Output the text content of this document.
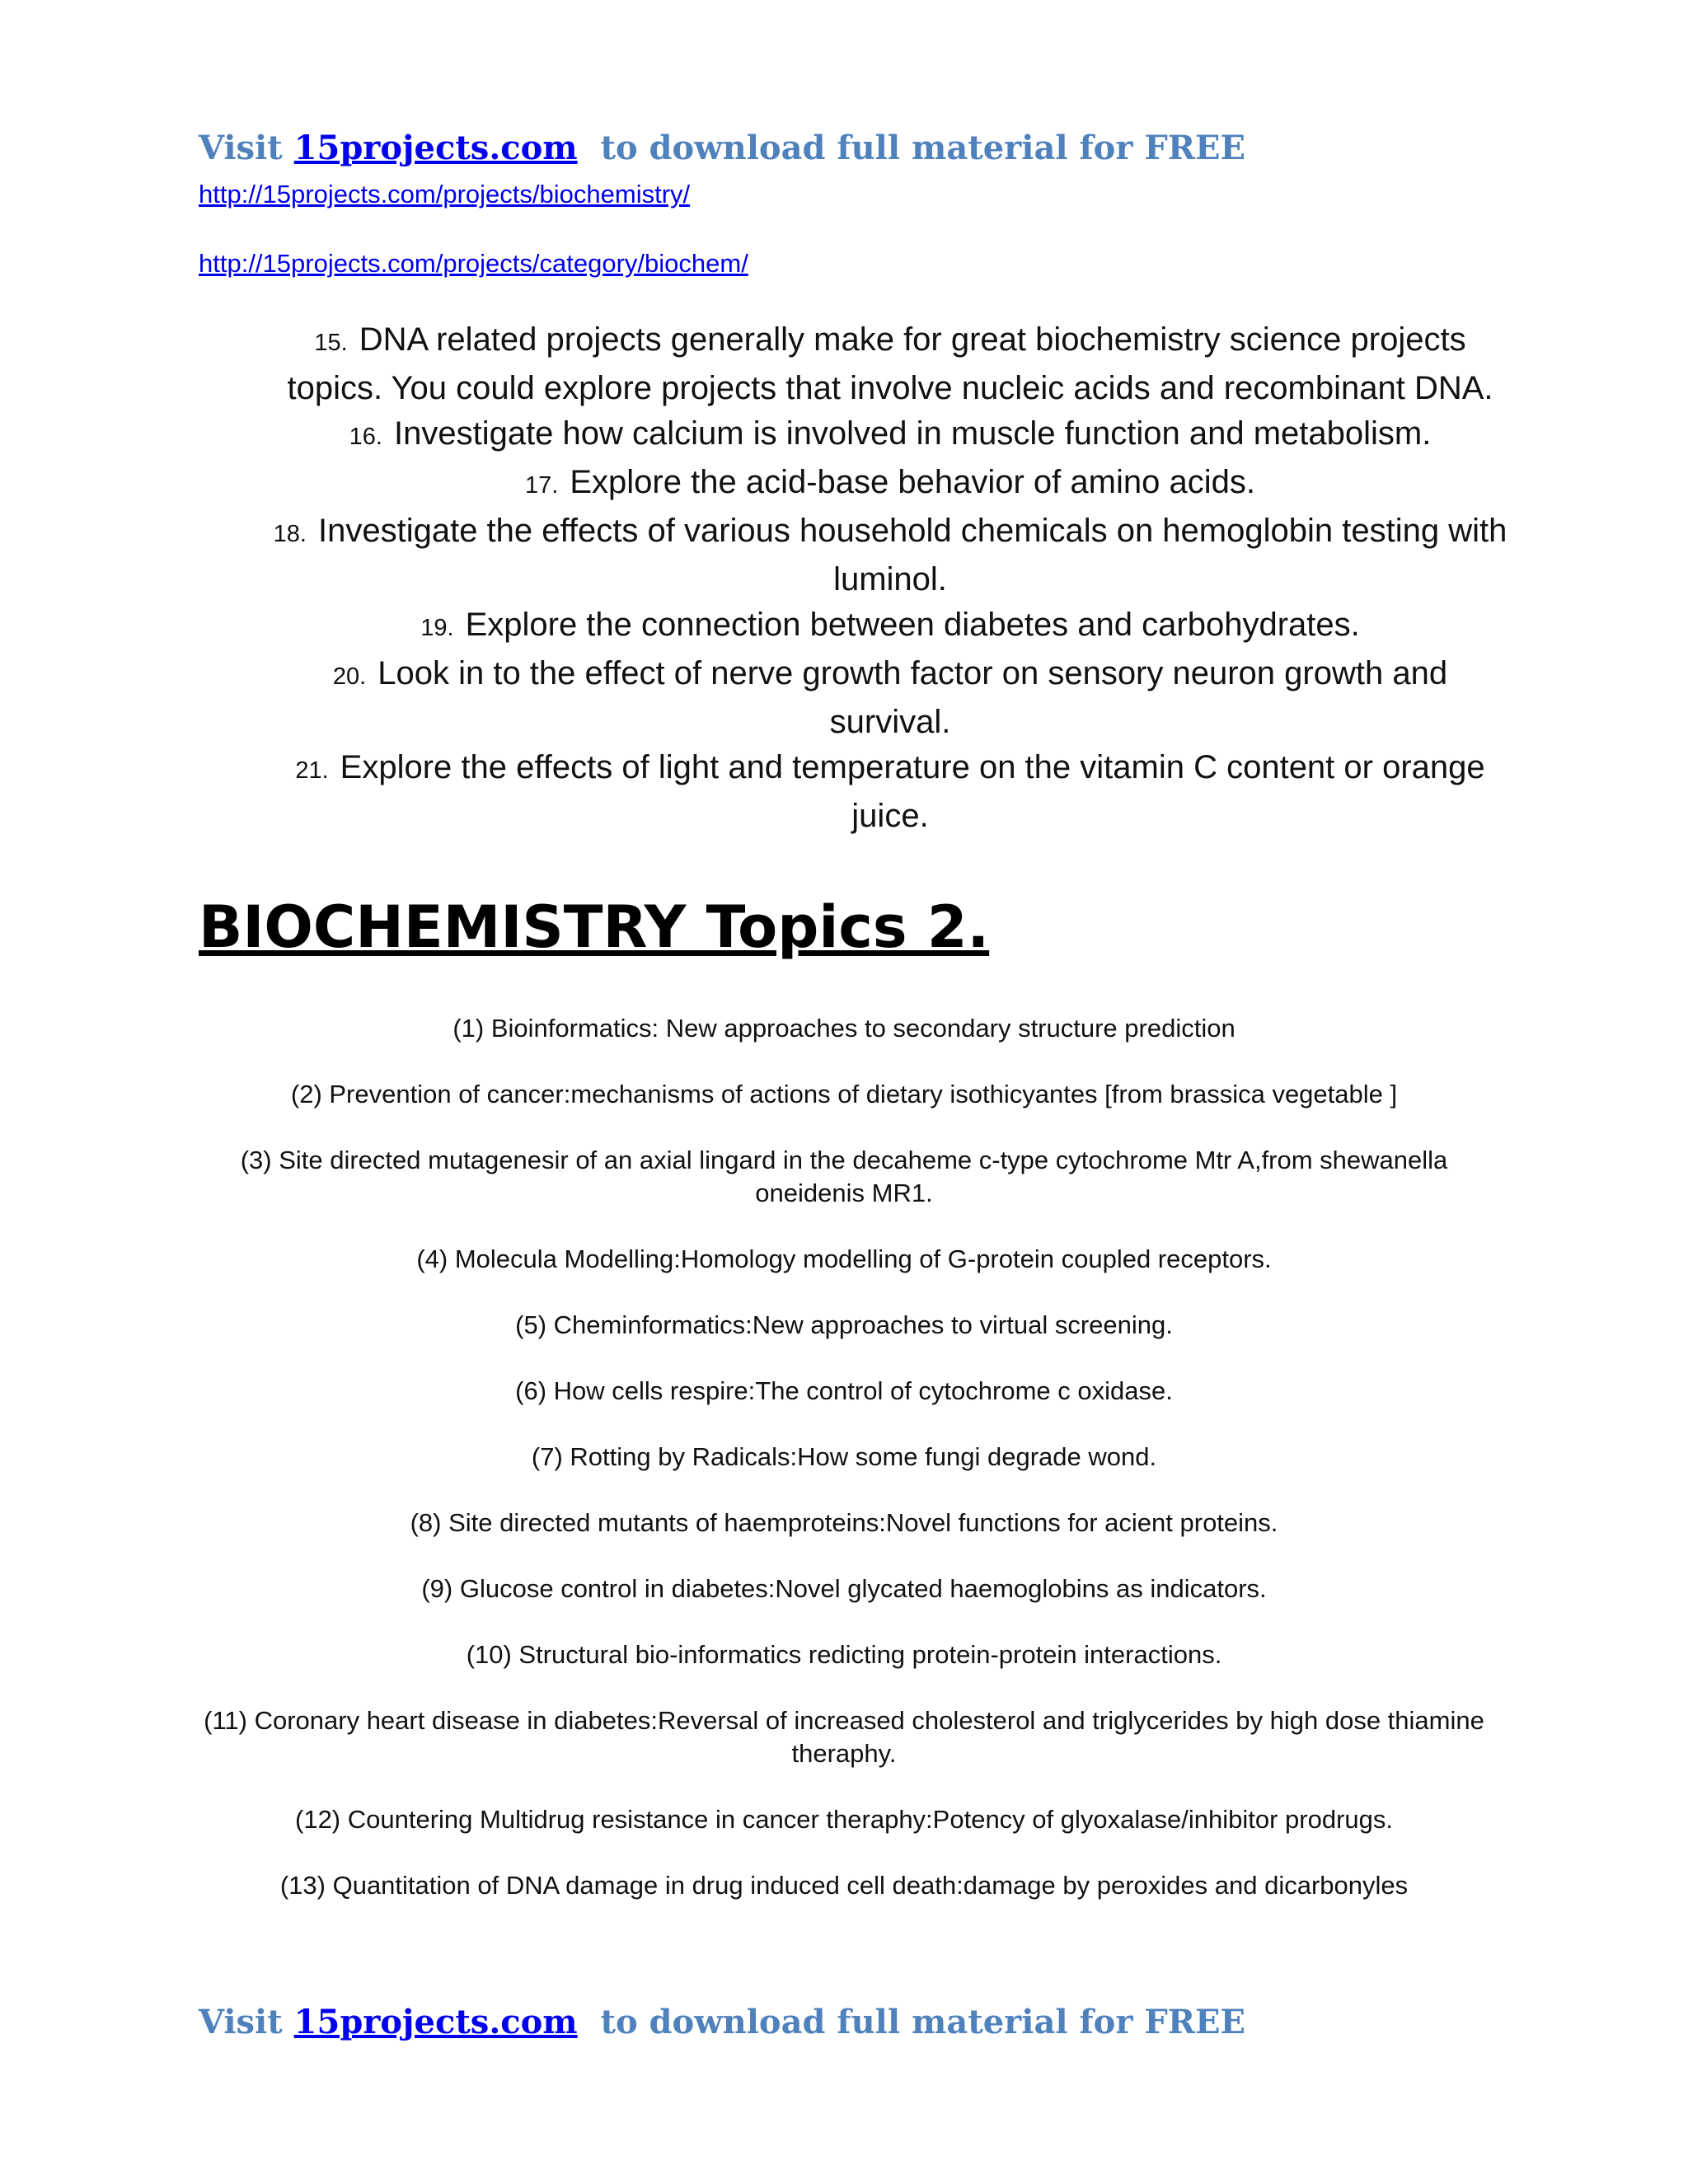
Visit 15projects.com  to download full material for FREE
http://15projects.com/projects/biochemistry/
http://15projects.com/projects/category/biochem/

15. DNA related projects generally make for great biochemistry science projects topics. You could explore projects that involve nucleic acids and recombinant DNA.

16. Investigate how calcium is involved in muscle function and metabolism.

17. Explore the acid-base behavior of amino acids.

18. Investigate the effects of various household chemicals on hemoglobin testing with luminol.

19. Explore the connection between diabetes and carbohydrates.

20. Look in to the effect of nerve growth factor on sensory neuron growth and survival.

21. Explore the effects of light and temperature on the vitamin C content or orange juice.

BIOCHEMISTRY Topics 2.

(1) Bioinformatics: New approaches to secondary structure prediction

(2) Prevention of cancer:mechanisms of actions of dietary isothicyantes [from brassica vegetable ]

(3) Site directed mutagenesir of an axial lingard in the decaheme c-type cytochrome Mtr A,from shewanella oneidenis MR1.

(4) Molecula Modelling:Homology modelling of G-protein coupled receptors.

(5) Cheminformatics:New approaches to virtual screening.

(6) How cells respire:The control of cytochrome c oxidase.

(7) Rotting by Radicals:How some fungi degrade wond.

(8) Site directed mutants of haemproteins:Novel functions for acient proteins.

(9) Glucose control in diabetes:Novel glycated haemoglobins as indicators.

(10) Structural bio-informatics redicting protein-protein interactions.

(11) Coronary heart disease in diabetes:Reversal of increased cholesterol and triglycerides by high dose thiamine theraphy.

(12) Countering Multidrug resistance in cancer theraphy:Potency of glyoxalase/inhibitor prodrugs.

(13) Quantitation of DNA damage in drug induced cell death:damage by peroxides and dicarbonyles

Visit 15projects.com  to download full material for FREE
